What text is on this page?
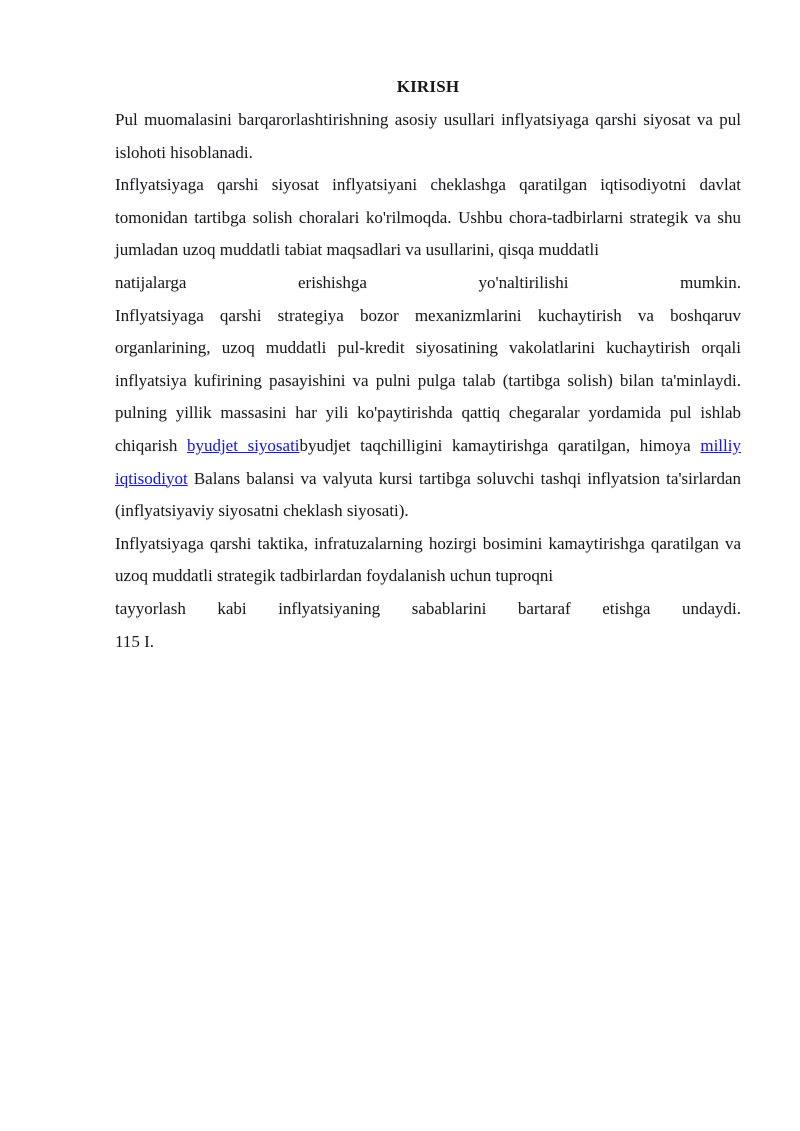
KIRISH

Pul muomalasini barqarorlashtirishning asosiy usullari inflyatsiyaga qarshi siyosat va pul islohoti hisoblanadi.

Inflyatsiyaga qarshi siyosat inflyatsiyani cheklashga qaratilgan iqtisodiyotni davlat tomonidan tartibga solish choralari ko'rilmoqda. Ushbu chora-tadbirlarni strategik va shu jumladan uzoq muddatli tabiat maqsadlari va usullarini, qisqa muddatli
natijalarga erishishga yo'naltirilishi mumkin.

Inflyatsiyaga qarshi strategiya bozor mexanizmlarini kuchaytirish va boshqaruv organlarining, uzoq muddatli pul-kredit siyosatining vakolatlarini kuchaytirish orqali inflyatsiya kufirining pasayishini va pulni pulga talab (tartibga solish) bilan ta'minlaydi. pulning yillik massasini har yili ko'paytirishda qattiq chegaralar yordamida pul ishlab chiqarish byudjet siyosatibyudjet taqchilligini kamaytirishga qaratilgan, himoya milliy iqtisodiyot Balans balansi va valyuta kursi tartibga soluvchi tashqi inflyatsion ta'sirlardan (inflyatsiyaviy siyosatni cheklash siyosati).

Inflyatsiyaga qarshi taktika, infratuzalarning hozirgi bosimini kamaytirishga qaratilgan va uzoq muddatli strategik tadbirlardan foydalanish uchun tuproqni
tayyorlash kabi inflyatsiyaning sabablarini bartaraf etishga undaydi.

115 I.
